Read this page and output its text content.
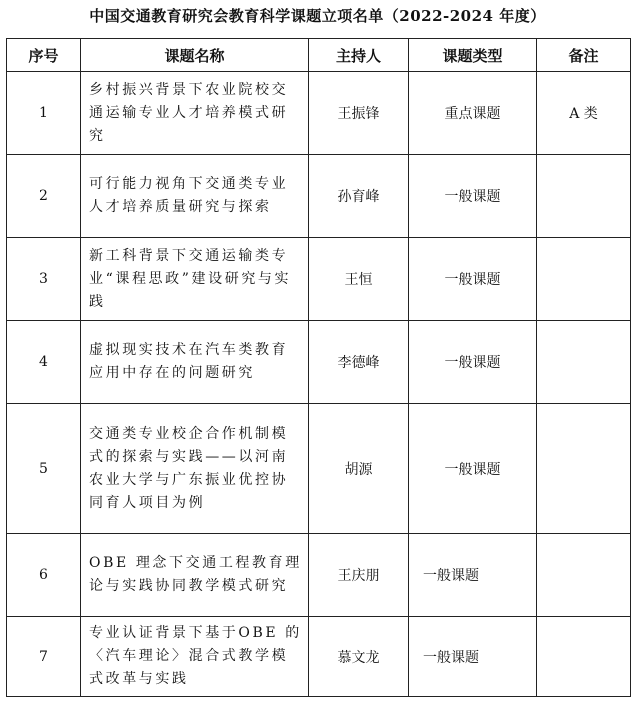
中国交通教育研究会教育科学课题立项名单（2022-2024 年度）
序号	课题名称	主持人	课题类型	备注
1	乡村振兴背景下农业院校交通运输专业人才培养模式研究	王振锋	重点课题	A 类
2	可行能力视角下交通类专业人才培养质量研究与探索	孙育峰	一般课题	
3	新工科背景下交通运输类专业“课程思政”建设研究与实践	王恒	一般课题	
4	虚拟现实技术在汽车类教育应用中存在的问题研究	李德峰	一般课题	
5	交通类专业校企合作机制模式的探索与实践——以河南农业大学与广东振业优控协同育人项目为例	胡源	一般课题	
6	OBE 理念下交通工程教育理论与实践协同教学模式研究	王庆朋	一般课题	
7	专业认证背景下基于OBE 的〈汽车理论〉混合式教学模式改革与实践	慕文龙	一般课题	
